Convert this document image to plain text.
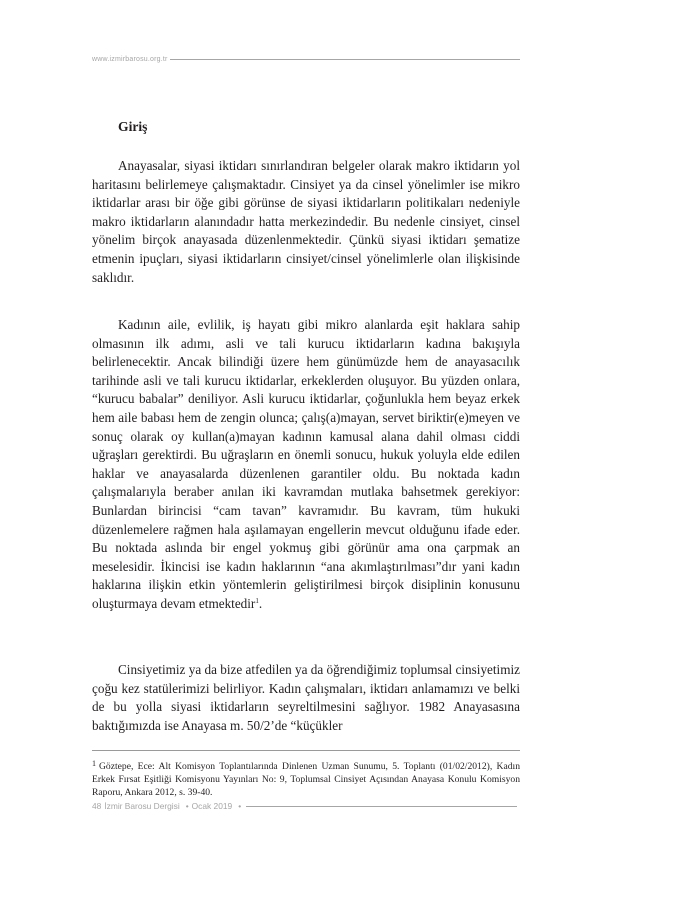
www.izmirbarosu.org.tr
Giriş

Anayasalar, siyasi iktidarı sınırlandıran belgeler olarak makro iktidarın yol haritasını belirlemeye çalışmaktadır. Cinsiyet ya da cinsel yönelimler ise mikro iktidarlar arası bir öğe gibi görünse de siyasi iktidarların politikaları nedeniyle makro iktidarların alanındadır hatta merkezindedir. Bu nedenle cinsiyet, cinsel yönelim birçok anayasada düzenlenmektedir. Çünkü siyasi iktidarı şematize etmenin ipuçları, siyasi iktidarların cinsiyet/cinsel yönelimlerle olan ilişkisinde saklıdır.

Kadının aile, evlilik, iş hayatı gibi mikro alanlarda eşit haklara sahip olmasının ilk adımı, asli ve tali kurucu iktidarların kadına bakışıyla belirlenecektir. Ancak bilindiği üzere hem günümüzde hem de anayasacılık tarihinde asli ve tali kurucu iktidarlar, erkeklerden oluşuyor. Bu yüzden onlara, “kurucu babalar” deniliyor. Asli kurucu iktidarlar, çoğunlukla hem beyaz erkek hem aile babası hem de zengin olunca; çalış(a)mayan, servet biriktir(e)meyen ve sonuç olarak oy kullan(a)mayan kadının kamusal alana dahil olması ciddi uğraşları gerektirdi. Bu uğraşların en önemli sonucu, hukuk yoluyla elde edilen haklar ve anayasalarda düzenlenen garantiler oldu. Bu noktada kadın çalışmalarıyla beraber anılan iki kavramdan mutlaka bahsetmek gerekiyor: Bunlardan birincisi “cam tavan” kavramıdır. Bu kavram, tüm hukuki düzenlemelere rağmen hala aşılamayan engellerin mevcut olduğunu ifade eder. Bu noktada aslında bir engel yokmuş gibi görünür ama ona çarpmak an meselesidir. İkincisi ise kadın haklarının “ana akımlaştırılması”dır yani kadın haklarına ilişkin etkin yöntemlerin geliştirilmesi birçok disiplinin konusunu oluşturmaya devam etmektedir$^1$.

Cinsiyetimiz ya da bize atfedilen ya da öğrendiğimiz toplumsal cinsiyetimiz çoğu kez statülerimizi belirliyor. Kadın çalışmaları, iktidarı anlamamızı ve belki de bu yolla siyasi iktidarların seyreltilmesini sağlıyor. 1982 Anayasasına baktığımızda ise Anayasa m. 50/2’de “küçükler

$^1$ Göztepe, Ece: Alt Komisyon Toplantılarında Dinlenen Uzman Sunumu, 5. Toplantı (01/02/2012), Kadın Erkek Fırsat Eşitliği Komisyonu Yayınları No: 9, Toplumsal Cinsiyet Açısından Anayasa Konulu Komisyon Raporu, Ankara 2012, s. 39-40.
48 İzmir Barosu Dergisi • Ocak 2019 •
